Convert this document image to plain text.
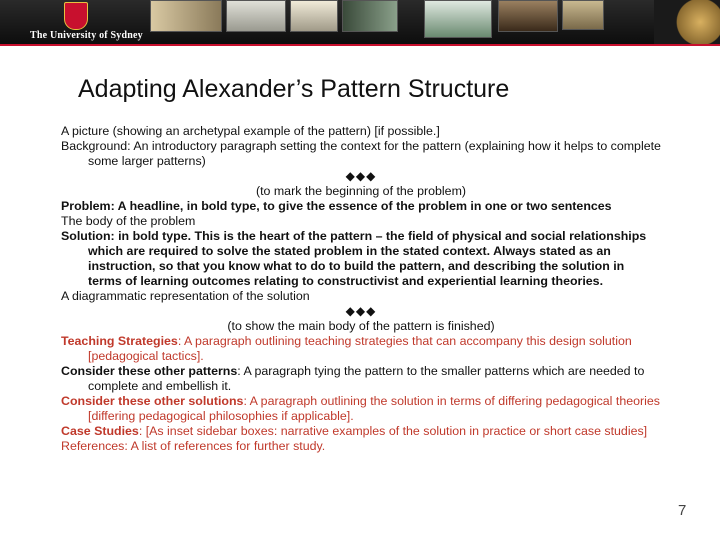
The University of Sydney
Adapting Alexander’s Pattern Structure

A picture (showing an archetypal example of the pattern) [if possible.]

Background: An introductory paragraph setting the context for the pattern (explaining how it helps to complete some larger patterns)

◆◆◆

(to mark the beginning of the problem)

Problem: A headline, in bold type, to give the essence of the problem in one or two sentences

The body of the problem

Solution: in bold type. This is the heart of the pattern – the field of physical and social relationships which are required to solve the stated problem in the stated context. Always stated as an instruction, so that you know what to do to build the pattern, and describing the solution in terms of learning outcomes relating to constructivist and experiential learning theories.

A diagrammatic representation of the solution

◆◆◆

(to show the main body of the pattern is finished)

Teaching Strategies: A paragraph outlining teaching strategies that can accompany this design solution [pedagogical tactics].

Consider these other patterns: A paragraph tying the pattern to the smaller patterns which are needed to complete and embellish it.

Consider these other solutions: A paragraph outlining the solution in terms of differing pedagogical theories [differing pedagogical philosophies if applicable].

Case Studies: [As inset sidebar boxes: narrative examples of the solution in practice or short case studies]

References: A list of references for further study.

7
